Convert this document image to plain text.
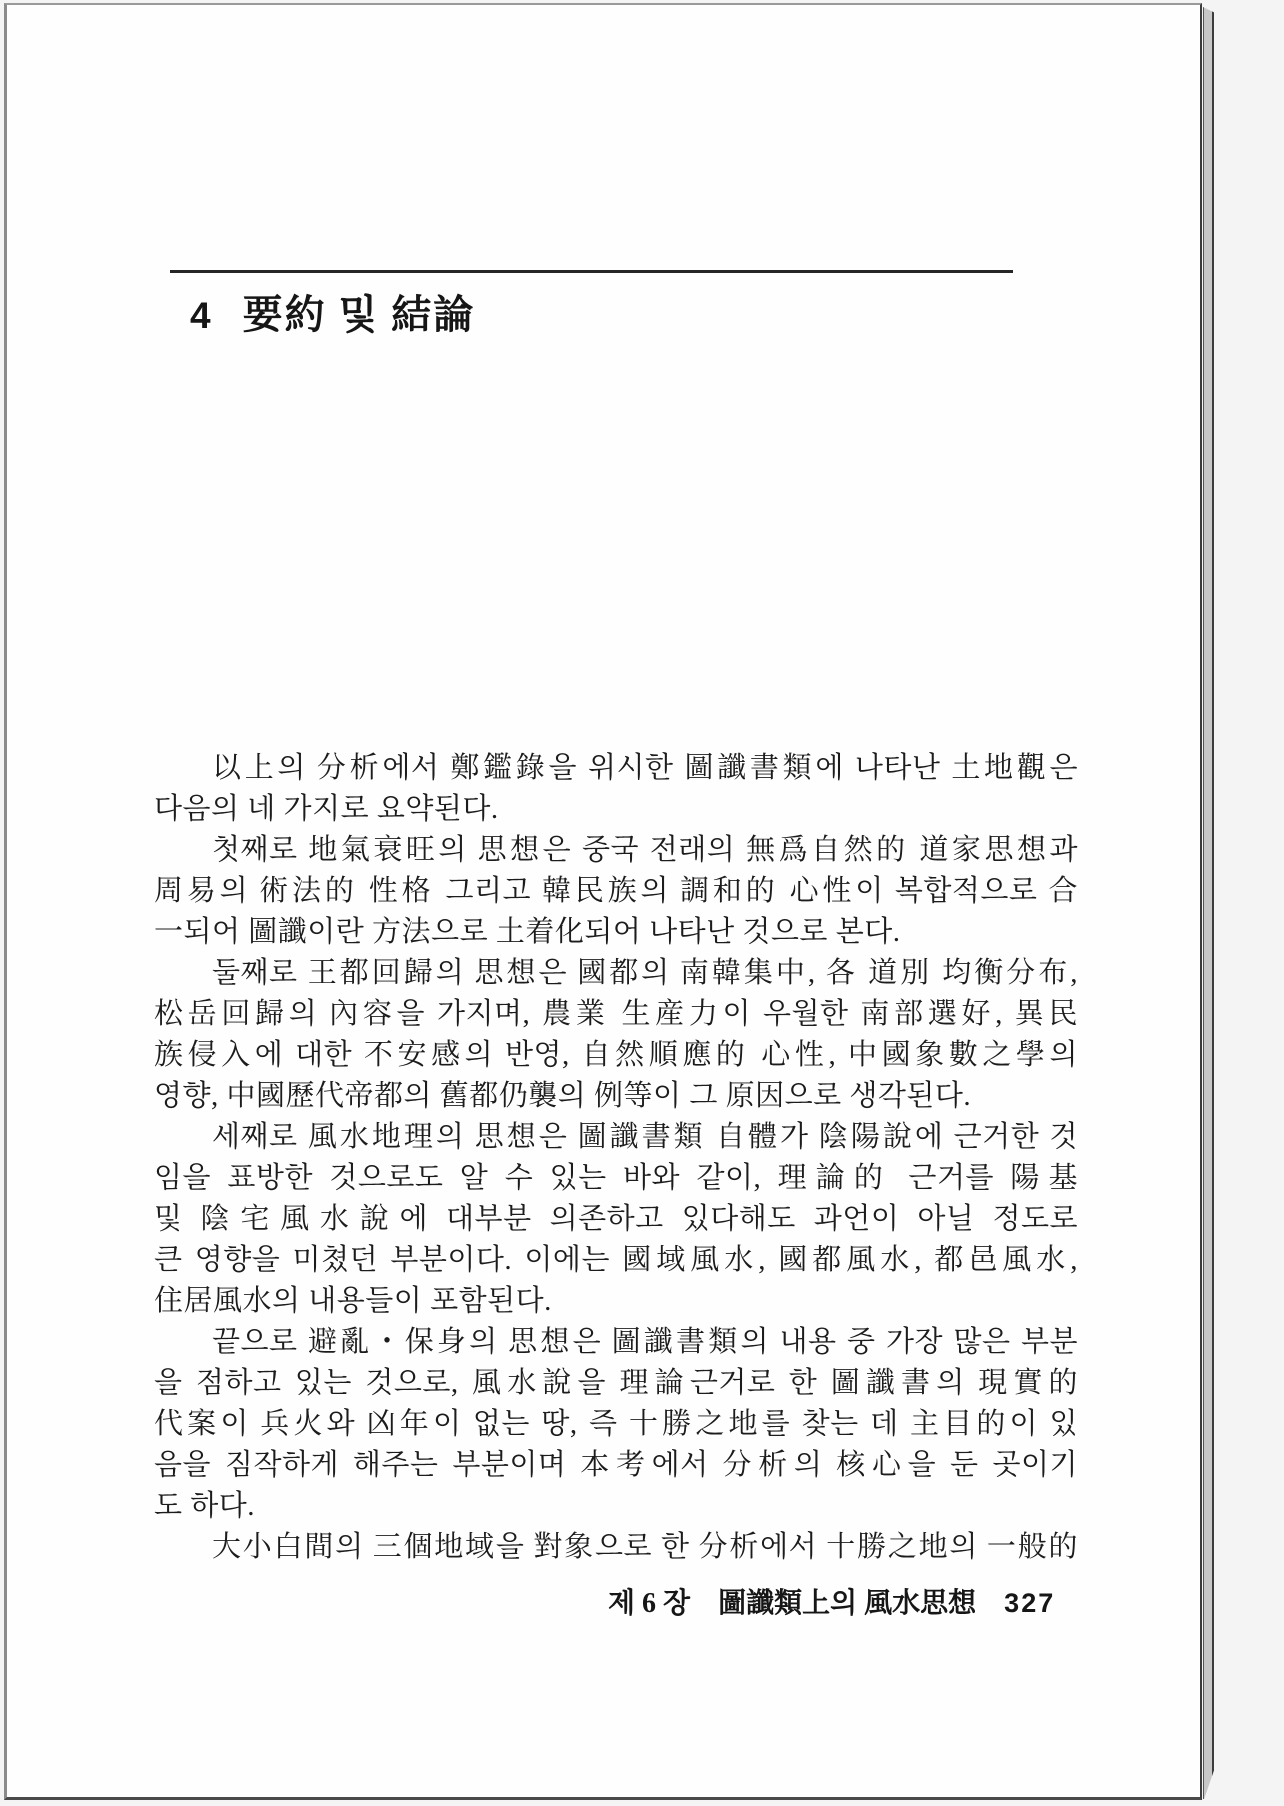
4 要約 및 結論
以上의 分析에서 鄭鑑錄을 위시한 圖讖書類에 나타난 土地觀은
다음의 네 가지로 요약된다.
첫째로 地氣衰旺의 思想은 중국 전래의 無爲自然的 道家思想과
周易의 術法的 性格 그리고 韓民族의 調和的 心性이 복합적으로 合
一되어 圖讖이란 方法으로 土着化되어 나타난 것으로 본다.
둘째로 王都回歸의 思想은 國都의 南韓集中, 各 道別 均衡分布,
松岳回歸의 內容을 가지며, 農業 生産力이 우월한 南部選好, 異民
族侵入에 대한 不安感의 반영, 自然順應的 心性, 中國象數之學의
영향, 中國歷代帝都의 舊都仍襲의 例等이 그 原因으로 생각된다.
세째로 風水地理의 思想은 圖讖書類 自體가 陰陽說에 근거한 것
임을 표방한 것으로도 알 수 있는 바와 같이, 理論的 근거를 陽基
및 陰宅風水說에 대부분 의존하고 있다해도 과언이 아닐 정도로
큰 영향을 미쳤던 부분이다. 이에는 國域風水, 國都風水, 都邑風水,
住居風水의 내용들이 포함된다.
끝으로 避亂・保身의 思想은 圖讖書類의 내용 중 가장 많은 부분
을 점하고 있는 것으로, 風水說을 理論근거로 한 圖讖書의 現實的
代案이 兵火와 凶年이 없는 땅, 즉 十勝之地를 찾는 데 主目的이 있
음을 짐작하게 해주는 부분이며 本考에서 分析의 核心을 둔 곳이기
도 하다.
大小白間의 三個地域을 對象으로 한 分析에서 十勝之地의 一般的
제 6 장 圖讖類上의 風水思想 327
